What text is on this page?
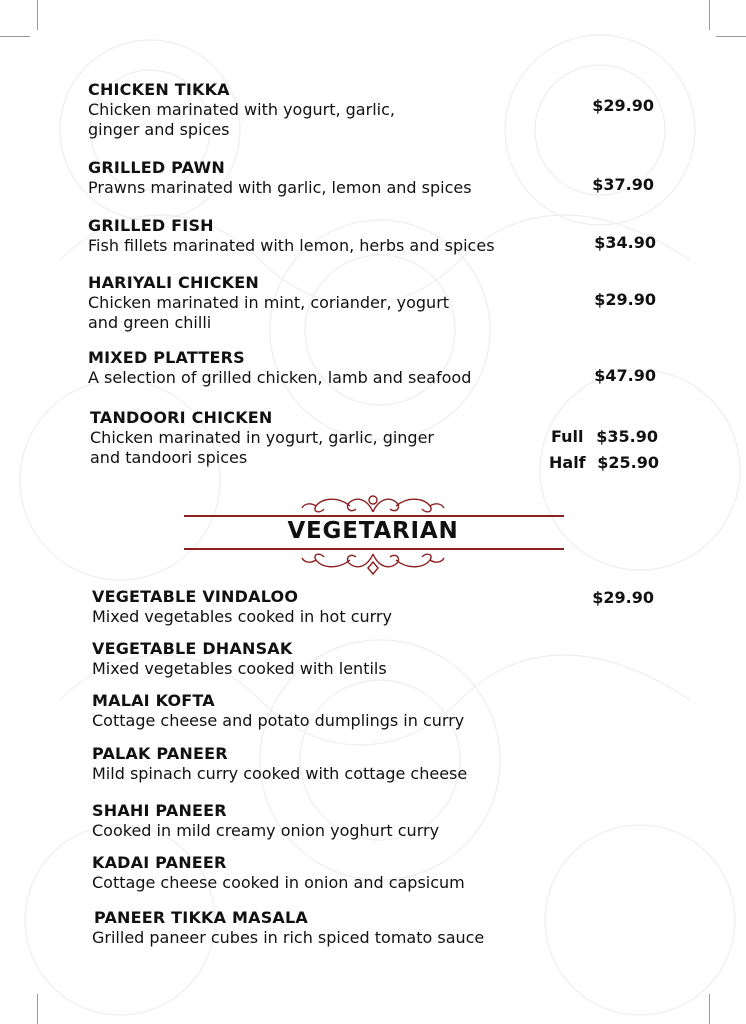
CHICKEN TIKKA
Chicken marinated with yogurt, garlic,
ginger and spices
$29.90
GRILLED PAWN
Prawns marinated with garlic, lemon and spices	$37.90
GRILLED FISH
Fish fillets marinated with lemon, herbs and spices	$34.90
HARIYALI CHICKEN
Chicken marinated in mint, coriander, yogurt
and green chilli
$29.90
MIXED PLATTERS
A selection of grilled chicken, lamb and seafood	$47.90
TANDOORI CHICKEN
Chicken marinated in yogurt, garlic, ginger
and tandoori spices
Full $35.90
Half $25.90
VEGETARIAN
$29.90
VEGETABLE VINDALOO
Mixed vegetables cooked in hot curry
VEGETABLE DHANSAK
Mixed vegetables cooked with lentils
MALAI KOFTA
Cottage cheese and potato dumplings in curry
PALAK PANEER
Mild spinach curry cooked with cottage cheese
SHAHI PANEER
Cooked in mild creamy onion yoghurt curry
KADAI PANEER
Cottage cheese cooked in onion and capsicum
PANEER TIKKA MASALA
Grilled paneer cubes in rich spiced tomato sauce
